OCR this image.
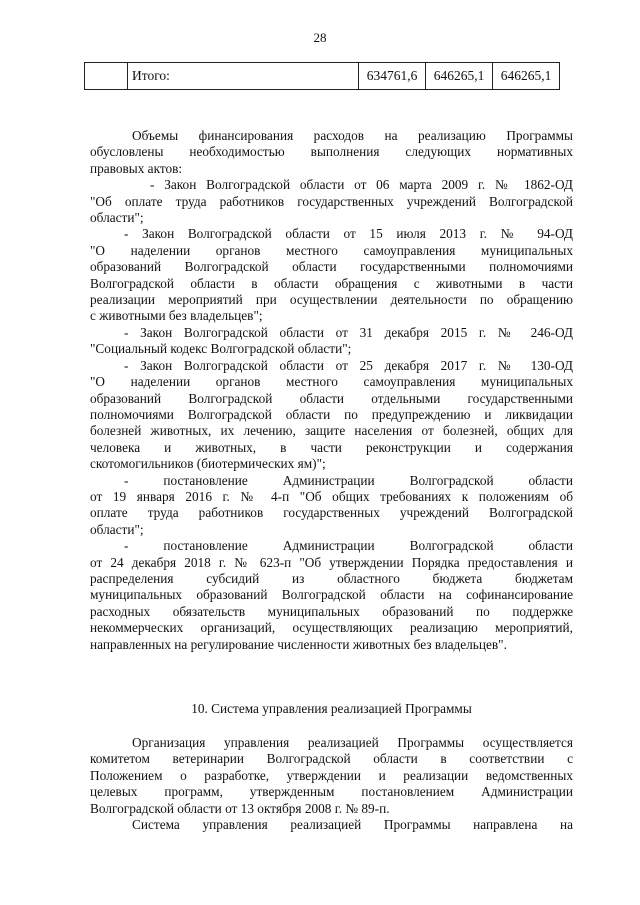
28
	Итого:	634761,6	646265,1	646265,1

Объемы финансирования расходов на реализацию Программы

обусловлены необходимостью выполнения следующих нормативных

правовых актов:

- Закон Волгоградской области от 06 марта 2009 г. № 1862-ОД

"Об оплате труда работников государственных учреждений Волгоградской

области";

- Закон Волгоградской области от 15 июля 2013 г. № 94-ОД

"О наделении органов местного самоуправления муниципальных

образований Волгоградской области государственными полномочиями

Волгоградской области в области обращения с животными в части

реализации мероприятий при осуществлении деятельности по обращению

с животными без владельцев";

- Закон Волгоградской области от 31 декабря 2015 г. № 246-ОД

"Социальный кодекс Волгоградской области";

- Закон Волгоградской области от 25 декабря 2017 г. № 130-ОД

"О наделении органов местного самоуправления муниципальных

образований Волгоградской области отдельными государственными

полномочиями Волгоградской области по предупреждению и ликвидации

болезней животных, их лечению, защите населения от болезней, общих для

человека и животных, в части реконструкции и содержания

скотомогильников (биотермических ям)";

- постановление Администрации Волгоградской области

от 19 января 2016 г. № 4-п "Об общих требованиях к положениям об

оплате труда работников государственных учреждений Волгоградской

области";

- постановление Администрации Волгоградской области

от 24 декабря 2018 г. № 623-п "Об утверждении Порядка предоставления и

распределения субсидий из областного бюджета бюджетам

муниципальных образований Волгоградской области на софинансирование

расходных обязательств муниципальных образований по поддержке

некоммерческих организаций, осуществляющих реализацию мероприятий,

направленных на регулирование численности животных без владельцев".

10. Система управления реализацией Программы

Организация управления реализацией Программы осуществляется

комитетом ветеринарии Волгоградской области в соответствии с

Положением о разработке, утверждении и реализации ведомственных

целевых программ, утвержденным постановлением Администрации

Волгоградской области от 13 октября 2008 г. № 89-п.

Система управления реализацией Программы направлена на
